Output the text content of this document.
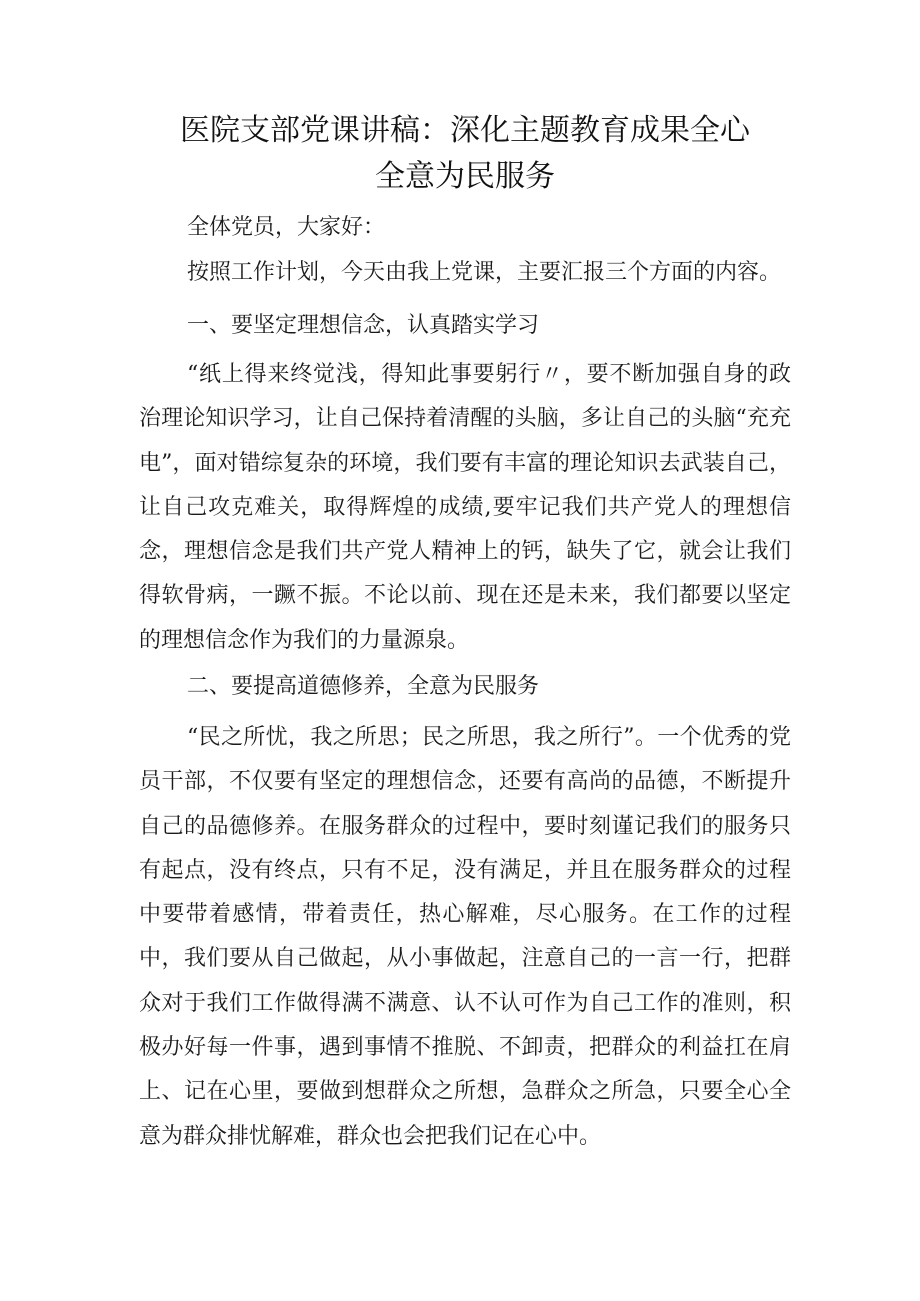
医院支部党课讲稿：深化主题教育成果全心
全意为民服务

全体党员，大家好：

按照工作计划，今天由我上党课，主要汇报三个方面的内容。

一、要坚定理想信念，认真踏实学习

“纸上得来终觉浅，得知此事要躬行〃，要不断加强自身的政治理论知识学习，让自己保持着清醒的头脑，多让自己的头脑“充充电”，面对错综复杂的环境，我们要有丰富的理论知识去武装自己，让自己攻克难关，取得辉煌的成绩,要牢记我们共产党人的理想信念，理想信念是我们共产党人精神上的钙，缺失了它，就会让我们得软骨病，一蹶不振。不论以前、现在还是未来，我们都要以坚定的理想信念作为我们的力量源泉。

二、要提高道德修养，全意为民服务

“民之所忧，我之所思；民之所思，我之所行”。一个优秀的党员干部，不仅要有坚定的理想信念，还要有高尚的品德，不断提升自己的品德修养。在服务群众的过程中，要时刻谨记我们的服务只有起点，没有终点，只有不足，没有满足，并且在服务群众的过程中要带着感情，带着责任，热心解难，尽心服务。在工作的过程中，我们要从自己做起，从小事做起，注意自己的一言一行，把群众对于我们工作做得满不满意、认不认可作为自己工作的准则，积极办好每一件事，遇到事情不推脱、不卸责，把群众的利益扛在肩上、记在心里，要做到想群众之所想，急群众之所急，只要全心全意为群众排忧解难，群众也会把我们记在心中。
